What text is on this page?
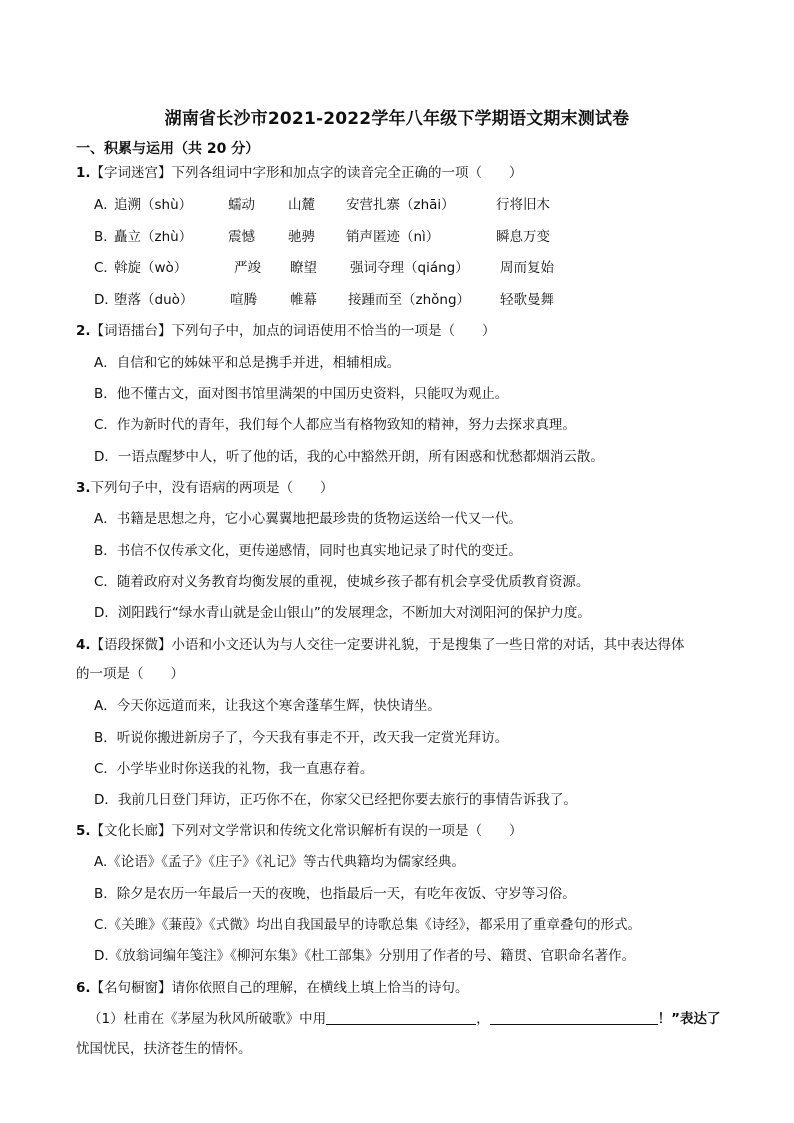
湖南省长沙市2021-2022学年八年级下学期语文期末测试卷
一、积累与运用（共 20 分）
1.【字词迷宫】下列各组词中字形和加点字的读音完全正确的一项（　　）
A．
追溯（shù）	蠕动 山麓 安营扎寨（zhāi）	行将旧木
B．
矗立（zhù）	震憾 驰骋 销声匿迹（nì）	瞬息万变
C．
斡旋（wò）	严竣 瞭望 强词夺理（qiáng） 周而复始
D．
堕落（duò）	喧腾 帷幕 接踵而至（zhǒng） 轻歌曼舞
2.【词语擂台】下列句子中，加点的词语使用不恰当的一项是（　　）
A．自信和它的姊妹平和总是携手并进，相辅相成。
B．他不懂古文，面对图书馆里满架的中国历史资料，只能叹为观止。
C．作为新时代的青年，我们每个人都应当有格物致知的精神，努力去探求真理。
D．一语点醒梦中人，听了他的话，我的心中豁然开朗，所有困惑和忧愁都烟消云散。
3.下列句子中，没有语病的两项是（　　）
A．书籍是思想之舟，它小心翼翼地把最珍贵的货物运送给一代又一代。
B．书信不仅传承文化，更传递感情，同时也真实地记录了时代的变迁。
C．随着政府对义务教育均衡发展的重视，使城乡孩子都有机会享受优质教育资源。
D．浏阳践行“绿水青山就是金山银山”的发展理念，不断加大对浏阳河的保护力度。
4.【语段探微】小语和小文还认为与人交往一定要讲礼貌，于是搜集了一些日常的对话，其中表达得体
的一项是（　　）
A．今天你远道而来，让我这个寒舍蓬荜生辉，快快请坐。
B．听说你搬进新房子了，今天我有事走不开，改天我一定赏光拜访。
C．小学毕业时你送我的礼物，我一直惠存着。
D．我前几日登门拜访，正巧你不在，你家父已经把你要去旅行的事情告诉我了。
5.【文化长廊】下列对文学常识和传统文化常识解析有误的一项是（　　）
A.《论语》《孟子》《庄子》《礼记》等古代典籍均为儒家经典。
B．除夕是农历一年最后一天的夜晚，也指最后一天，有吃年夜饭、守岁等习俗。
C.《关雎》《蒹葭》《式微》均出自我国最早的诗歌总集《诗经》，都采用了重章叠句的形式。
D.《放翁词编年笺注》《柳河东集》《杜工部集》分别用了作者的号、籍贯、官职命名著作。
6.【名句橱窗】请你依照自己的理解，在横线上填上恰当的诗句。
（1）杜甫在《茅屋为秋风所破歌》中用	，	！”表达了
忧国忧民，扶济苍生的情怀。
